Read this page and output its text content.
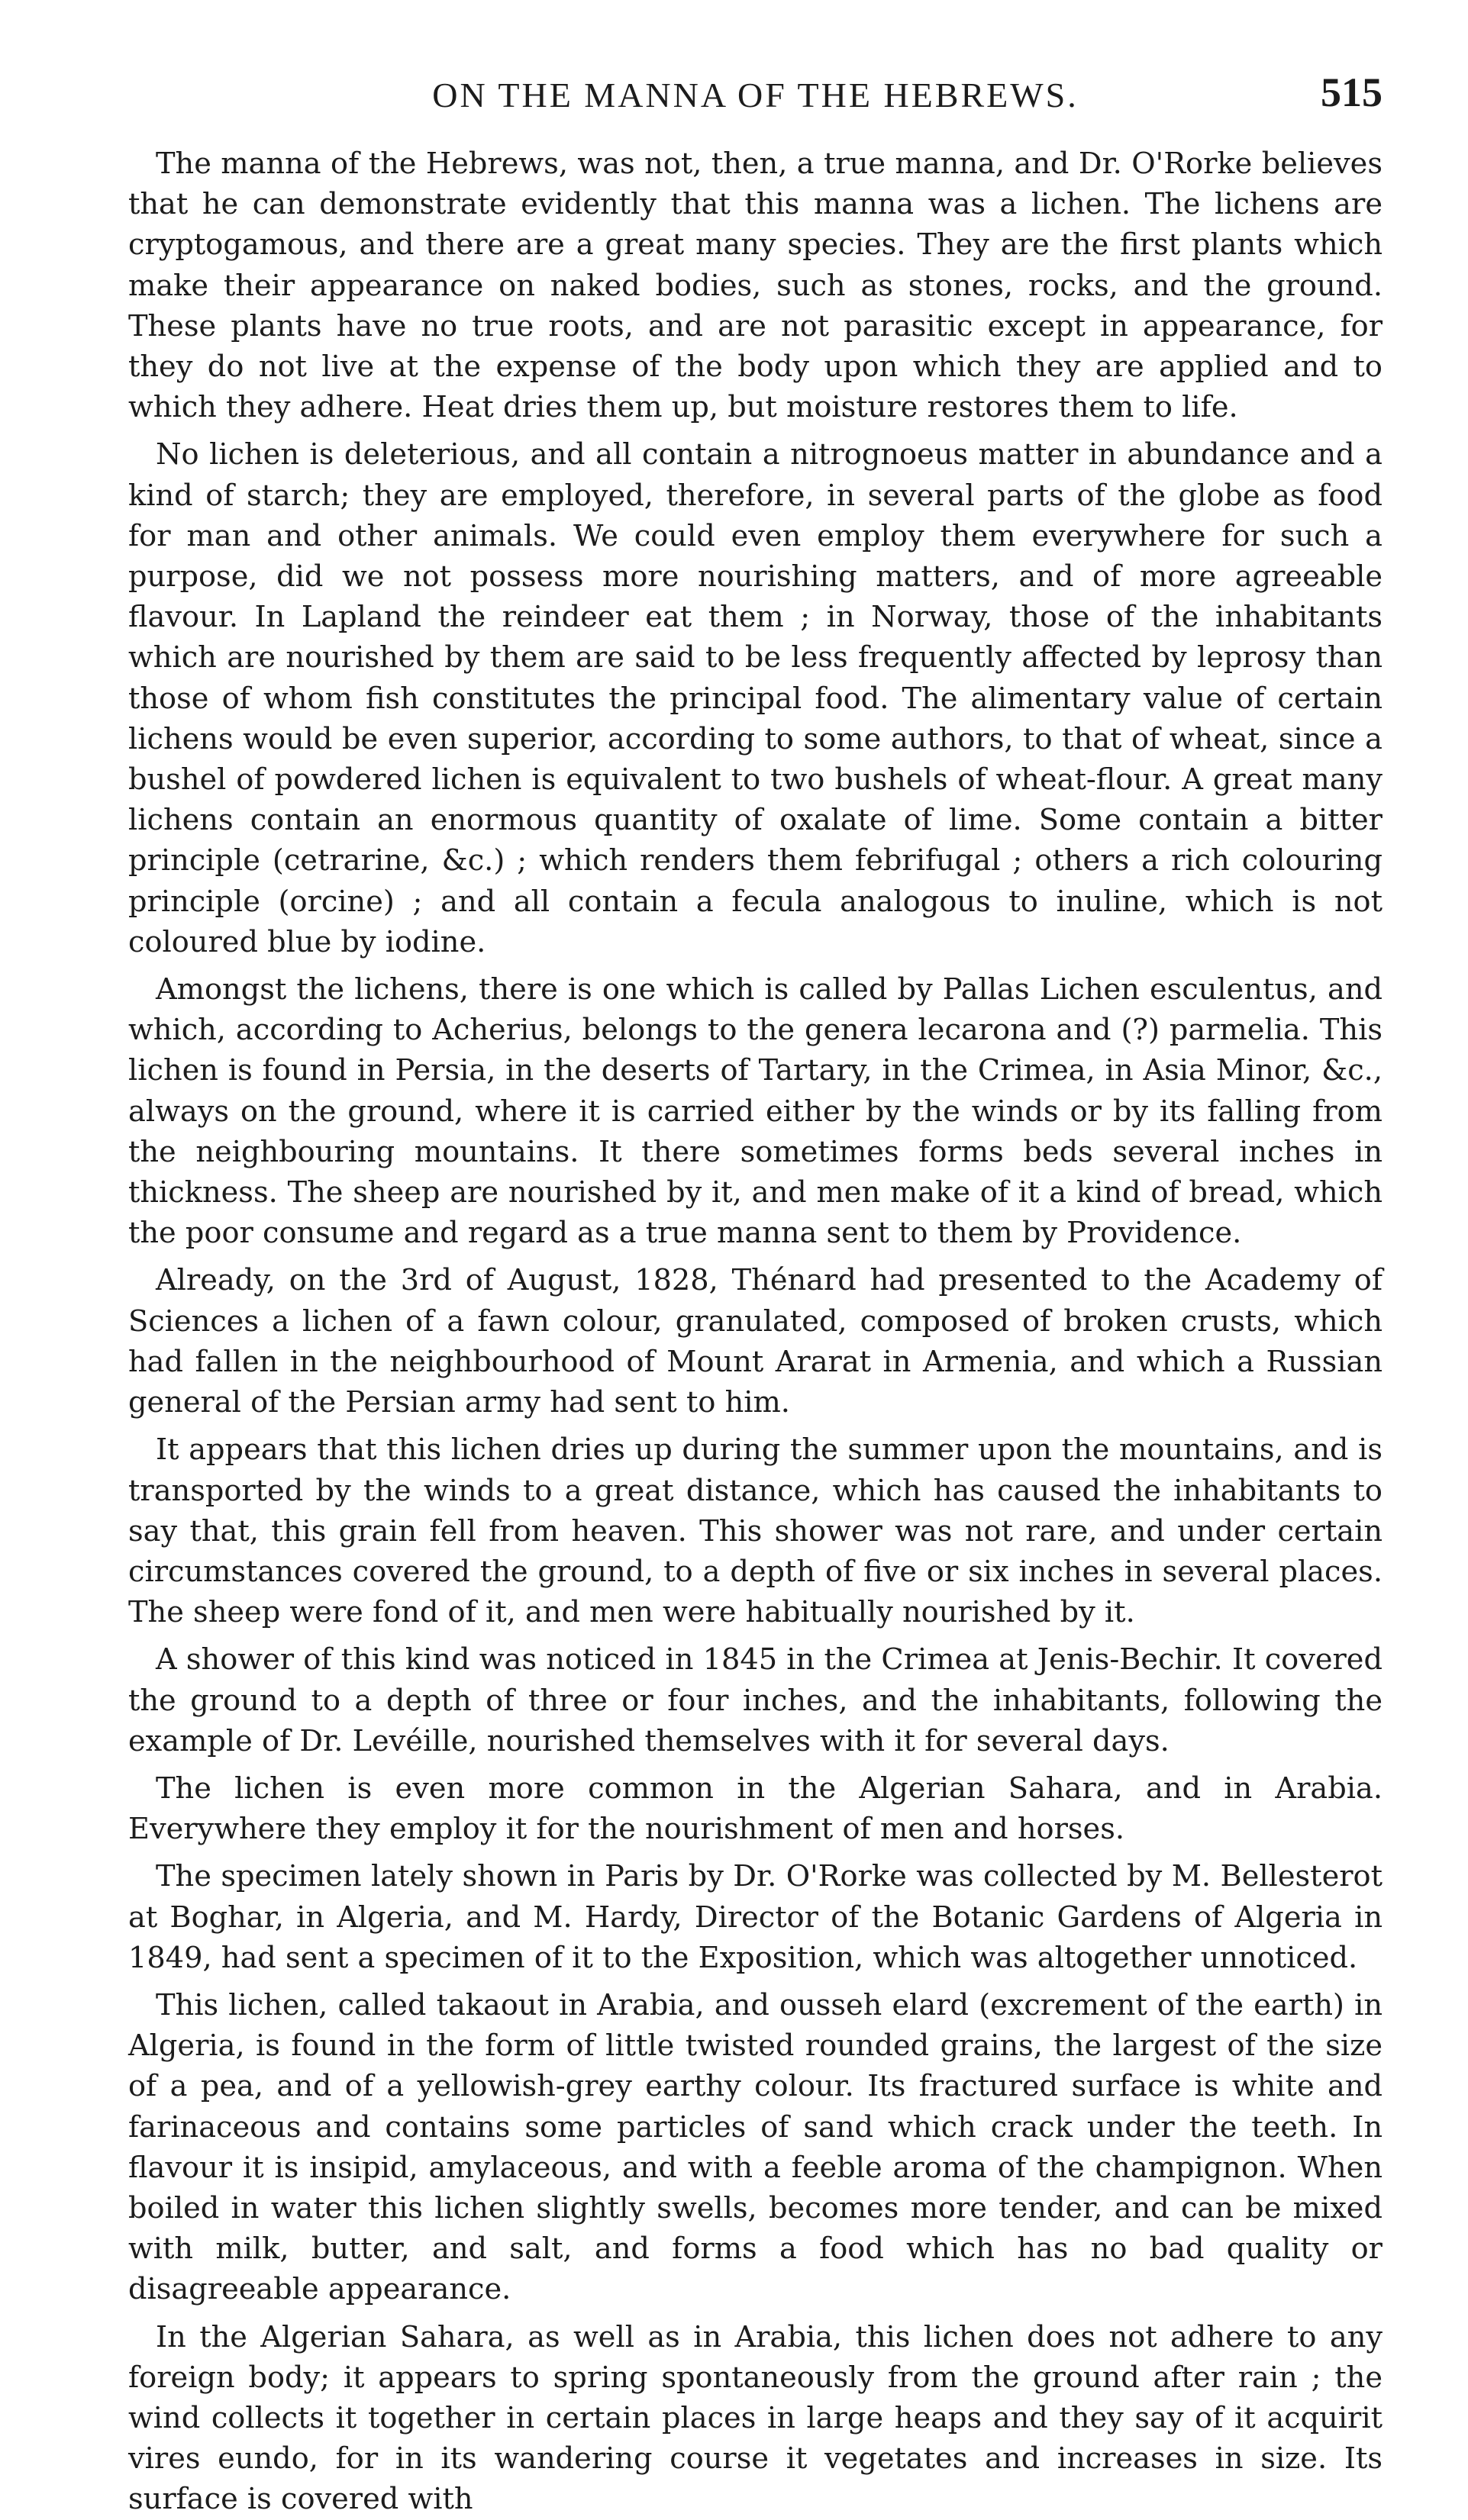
ON THE MANNA OF THE HEBREWS.	515

The manna of the Hebrews, was not, then, a true manna, and Dr. O'Rorke believes that he can demonstrate evidently that this manna was a lichen. The lichens are cryptogamous, and there are a great many species. They are the first plants which make their appearance on naked bodies, such as stones, rocks, and the ground. These plants have no true roots, and are not parasitic except in appearance, for they do not live at the expense of the body upon which they are applied and to which they adhere. Heat dries them up, but moisture restores them to life.

No lichen is deleterious, and all contain a nitrognoeus matter in abundance and a kind of starch; they are employed, therefore, in several parts of the globe as food for man and other animals. We could even employ them everywhere for such a purpose, did we not possess more nourishing matters, and of more agreeable flavour. In Lapland the reindeer eat them ; in Norway, those of the inhabitants which are nourished by them are said to be less frequently affected by leprosy than those of whom fish constitutes the principal food. The alimentary value of certain lichens would be even superior, according to some authors, to that of wheat, since a bushel of powdered lichen is equivalent to two bushels of wheat-flour. A great many lichens contain an enormous quantity of oxalate of lime. Some contain a bitter principle (cetrarine, &c.) ; which renders them febrifugal ; others a rich colouring principle (orcine) ; and all contain a fecula analogous to inuline, which is not coloured blue by iodine.

Amongst the lichens, there is one which is called by Pallas Lichen esculentus, and which, according to Acherius, belongs to the genera lecarona and (?) parmelia. This lichen is found in Persia, in the deserts of Tartary, in the Crimea, in Asia Minor, &c., always on the ground, where it is carried either by the winds or by its falling from the neighbouring mountains. It there sometimes forms beds several inches in thickness. The sheep are nourished by it, and men make of it a kind of bread, which the poor consume and regard as a true manna sent to them by Providence.

Already, on the 3rd of August, 1828, Thénard had presented to the Academy of Sciences a lichen of a fawn colour, granulated, composed of broken crusts, which had fallen in the neighbourhood of Mount Ararat in Armenia, and which a Russian general of the Persian army had sent to him.

It appears that this lichen dries up during the summer upon the mountains, and is transported by the winds to a great distance, which has caused the inhabitants to say that, this grain fell from heaven. This shower was not rare, and under certain circumstances covered the ground, to a depth of five or six inches in several places. The sheep were fond of it, and men were habitually nourished by it.

A shower of this kind was noticed in 1845 in the Crimea at Jenis-Bechir. It covered the ground to a depth of three or four inches, and the inhabitants, following the example of Dr. Levéille, nourished themselves with it for several days.

The lichen is even more common in the Algerian Sahara, and in Arabia. Everywhere they employ it for the nourishment of men and horses.

The specimen lately shown in Paris by Dr. O'Rorke was collected by M. Bellesterot at Boghar, in Algeria, and M. Hardy, Director of the Botanic Gardens of Algeria in 1849, had sent a specimen of it to the Exposition, which was altogether unnoticed.

This lichen, called takaout in Arabia, and ousseh elard (excrement of the earth) in Algeria, is found in the form of little twisted rounded grains, the largest of the size of a pea, and of a yellowish-grey earthy colour. Its fractured surface is white and farinaceous and contains some particles of sand which crack under the teeth. In flavour it is insipid, amylaceous, and with a feeble aroma of the champignon. When boiled in water this lichen slightly swells, becomes more tender, and can be mixed with milk, butter, and salt, and forms a food which has no bad quality or disagreeable appearance.

In the Algerian Sahara, as well as in Arabia, this lichen does not adhere to any foreign body; it appears to spring spontaneously from the ground after rain ; the wind collects it together in certain places in large heaps and they say of it acquirit vires eundo, for in its wandering course it vegetates and increases in size. Its surface is covered with
